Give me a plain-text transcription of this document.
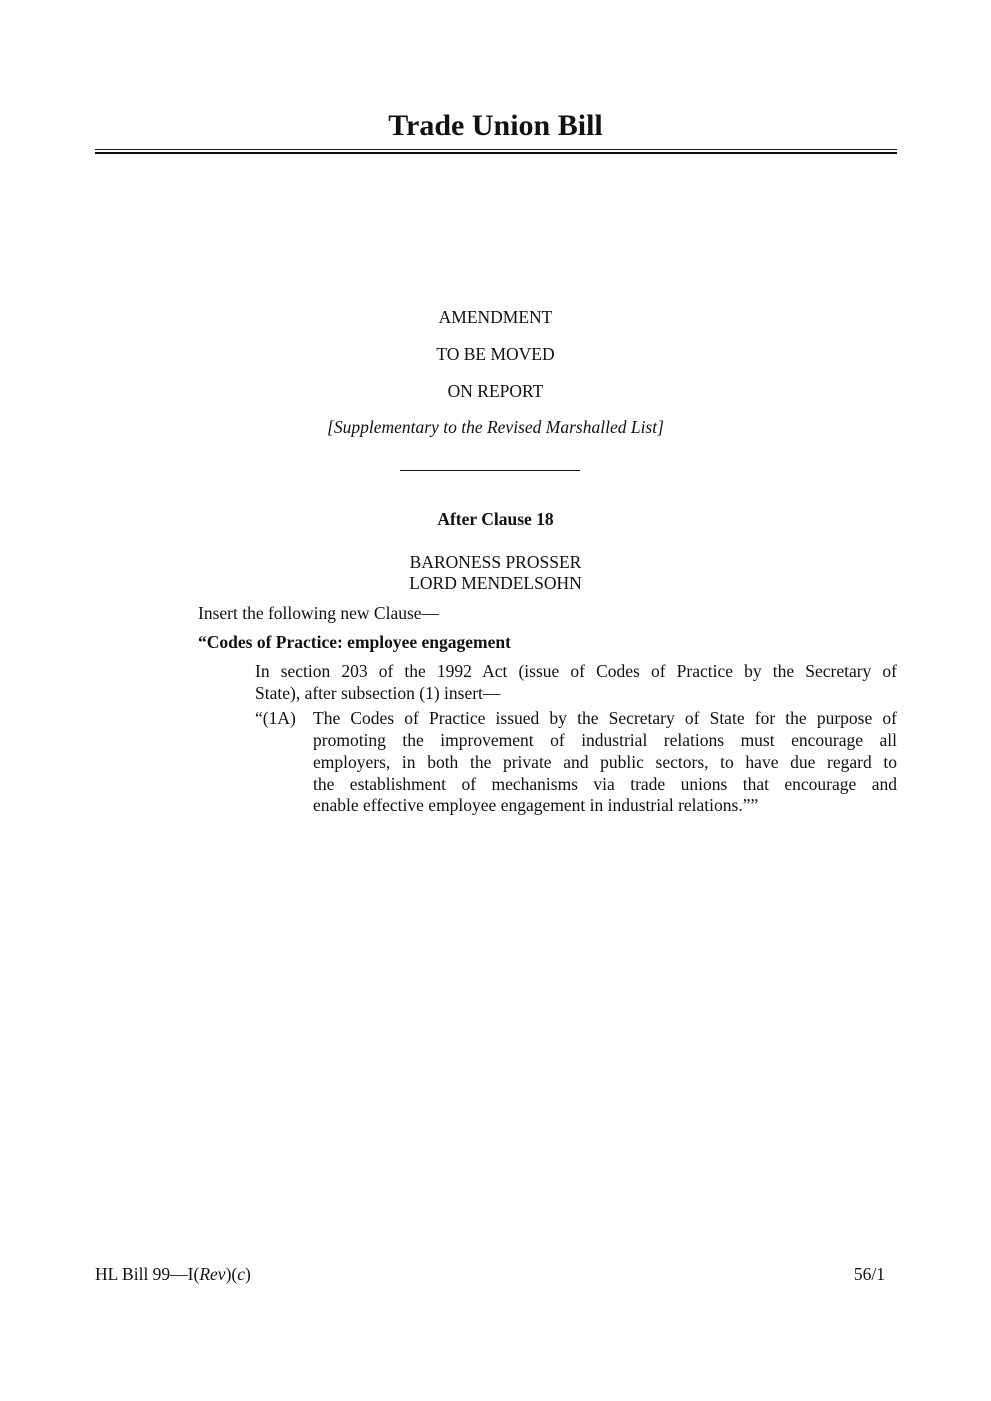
Trade Union Bill
AMENDMENT
TO BE MOVED
ON REPORT
[Supplementary to the Revised Marshalled List]
After Clause 18
BARONESS PROSSER
LORD MENDELSOHN
Insert the following new Clause—
“Codes of Practice: employee engagement
In section 203 of the 1992 Act (issue of Codes of Practice by the Secretary of
State), after subsection (1) insert—
“(1A) The Codes of Practice issued by the Secretary of State for the purpose of
promoting the improvement of industrial relations must encourage all
employers, in both the private and public sectors, to have due regard to
the establishment of mechanisms via trade unions that encourage and
enable effective employee engagement in industrial relations.””
HL Bill 99—I(Rev)(c)	56/1
